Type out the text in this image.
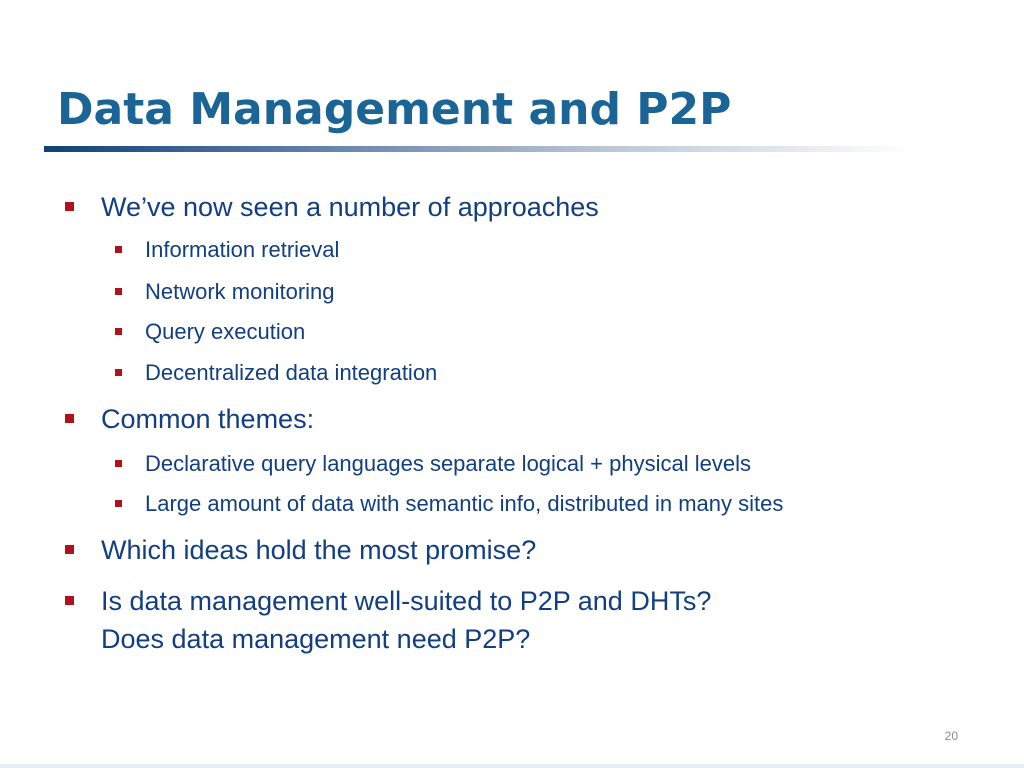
Data Management and P2P
We’ve now seen a number of approaches
Information retrieval
Network monitoring
Query execution
Decentralized data integration
Common themes:
Declarative query languages separate logical + physical levels
Large amount of data with semantic info, distributed in many sites
Which ideas hold the most promise?
Is data management well-suited to P2P and DHTs?
Does data management need P2P?
20
